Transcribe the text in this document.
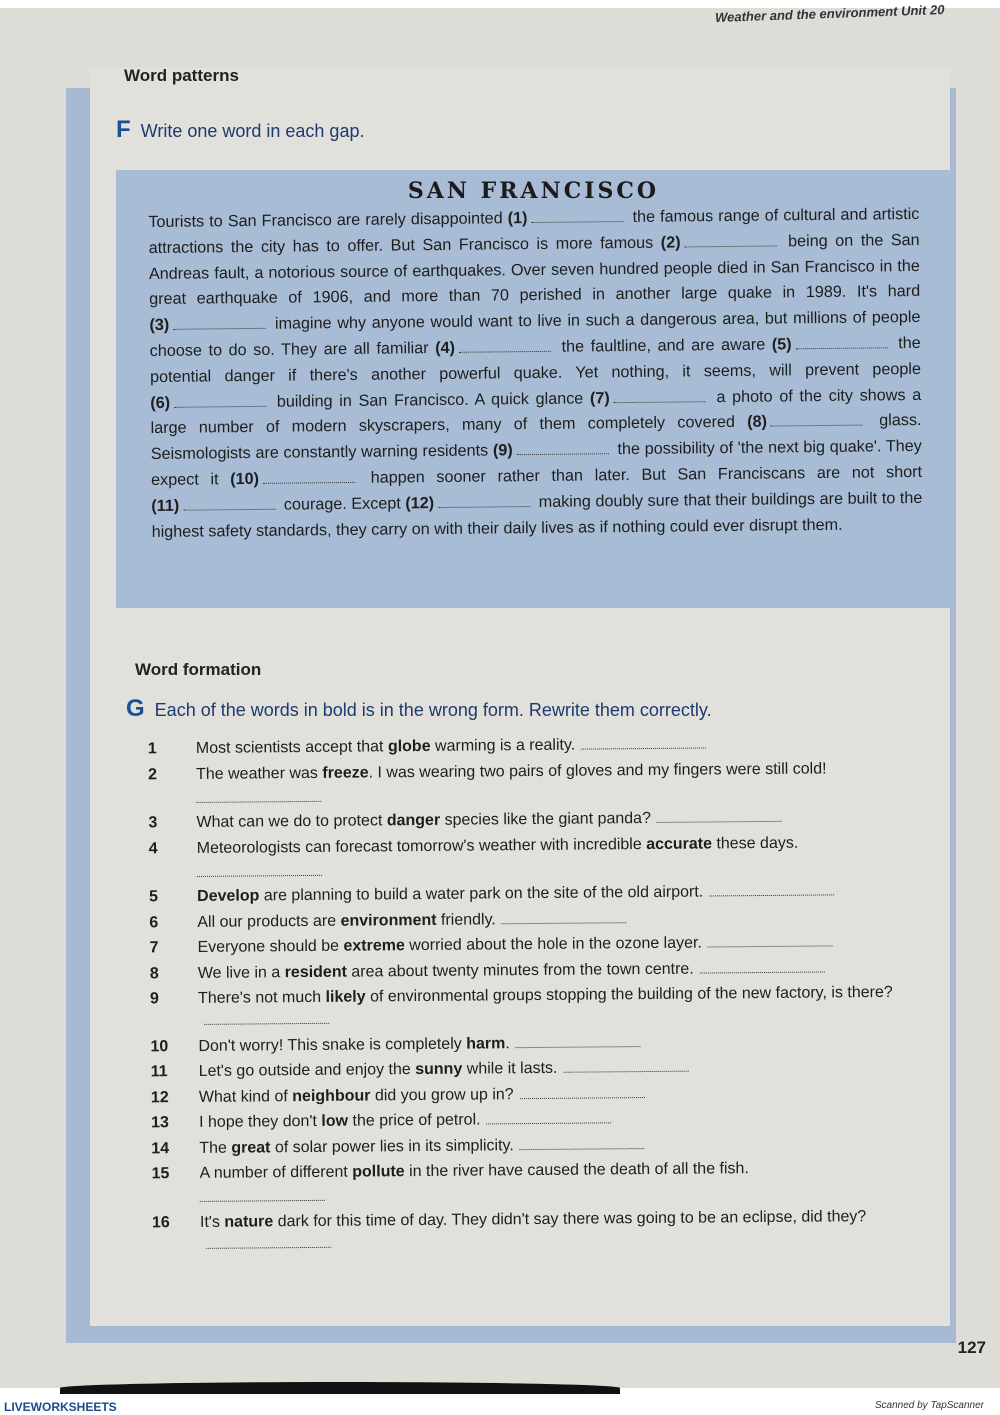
Weather and the environment Unit 20
Word patterns
F Write one word in each gap.
SAN FRANCISCO
Tourists to San Francisco are rarely disappointed (1)	the famous range of cultural and artistic attractions the city has to offer. But San Francisco is more famous (2)	being on the San Andreas fault, a notorious source of earthquakes. Over seven hundred people died in San Francisco in the great earthquake of 1906, and more than 70 perished in another large quake in 1989. It's hard (3)	imagine why anyone would want to live in such a dangerous area, but millions of people choose to do so. They are all familiar (4)	the faultline, and are aware (5)	the potential danger if there's another powerful quake. Yet nothing, it seems, will prevent people (6)	building in San Francisco. A quick glance (7)	a photo of the city shows a large number of modern skyscrapers, many of them completely covered (8)	glass. Seismologists are constantly warning residents (9)	the possibility of 'the next big quake'. They expect it (10)	happen sooner rather than later. But San Franciscans are not short (11)	courage. Except (12)	making doubly sure that their buildings are built to the highest safety standards, they carry on with their daily lives as if nothing could ever disrupt them.
Word formation
G Each of the words in bold is in the wrong form. Rewrite them correctly.
1	Most scientists accept that globe warming is a reality.
2	The weather was freeze. I was wearing two pairs of gloves and my fingers were still cold!
3	What can we do to protect danger species like the giant panda?
4	Meteorologists can forecast tomorrow's weather with incredible accurate these days.
5	Develop are planning to build a water park on the site of the old airport.
6	All our products are environment friendly.
7	Everyone should be extreme worried about the hole in the ozone layer.
8	We live in a resident area about twenty minutes from the town centre.
9	There's not much likely of environmental groups stopping the building of the new factory, is there?
10	Don't worry! This snake is completely harm.
11	Let's go outside and enjoy the sunny while it lasts.
12	What kind of neighbour did you grow up in?
13	I hope they don't low the price of petrol.
14	The great of solar power lies in its simplicity.
15	A number of different pollute in the river have caused the death of all the fish.
16	It's nature dark for this time of day. They didn't say there was going to be an eclipse, did they?
127
LIVEWORKSHEETS	Scanned by TapScanner
